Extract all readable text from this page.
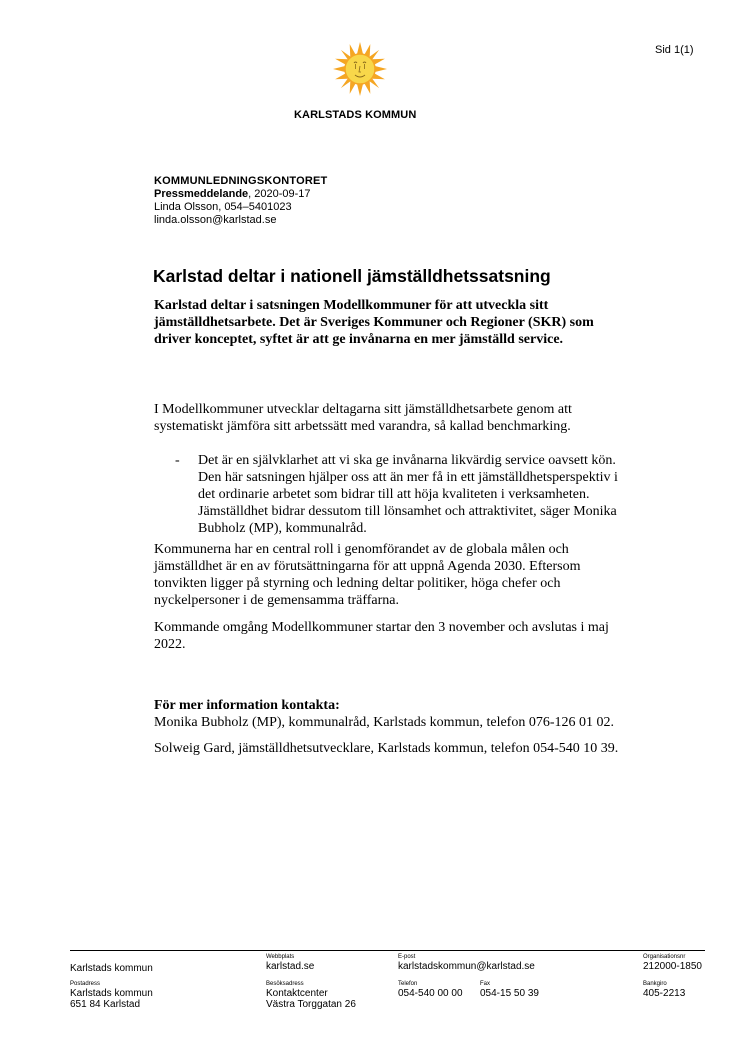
Sid 1(1)
KARLSTADS KOMMUN
KOMMUNLEDNINGSKONTORET
Pressmeddelande, 2020-09-17
Linda Olsson, 054–5401023
linda.olsson@karlstad.se
Karlstad deltar i nationell jämställdhetssatsning
Karlstad deltar i satsningen Modellkommuner för att utveckla sitt jämställdhetsarbete. Det är Sveriges Kommuner och Regioner (SKR) som driver konceptet, syftet är att ge invånarna en mer jämställd service.

I Modellkommuner utvecklar deltagarna sitt jämställdhetsarbete genom att systematiskt jämföra sitt arbetssätt med varandra, så kallad benchmarking.

- Det är en självklarhet att vi ska ge invånarna likvärdig service oavsett kön. Den här satsningen hjälper oss att än mer få in ett jämställdhetsperspektiv i det ordinarie arbetet som bidrar till att höja kvaliteten i verksamheten. Jämställdhet bidrar dessutom till lönsamhet och attraktivitet, säger Monika Bubholz (MP), kommunalråd.

Kommunerna har en central roll i genomförandet av de globala målen och jämställdhet är en av förutsättningarna för att uppnå Agenda 2030. Eftersom tonvikten ligger på styrning och ledning deltar politiker, höga chefer och nyckelpersoner i de gemensamma träffarna.

Kommande omgång Modellkommuner startar den 3 november och avslutas i maj 2022.

För mer information kontakta:

Monika Bubholz (MP), kommunalråd, Karlstads kommun, telefon 076-126 01 02.

Solweig Gard, jämställdhetsutvecklare, Karlstads kommun, telefon 054-540 10 39.

Karlstads kommun
Webbplats
karlstad.se
E-post
karlstadskommun@karlstad.se
Organisationsnr
212000-1850
Postadress
Karlstads kommun
651 84 Karlstad
Besöksadress
Kontaktcenter
Västra Torggatan 26
Telefon
054-540 00 00
Fax
054-15 50 39
Bankgiro
405-2213
